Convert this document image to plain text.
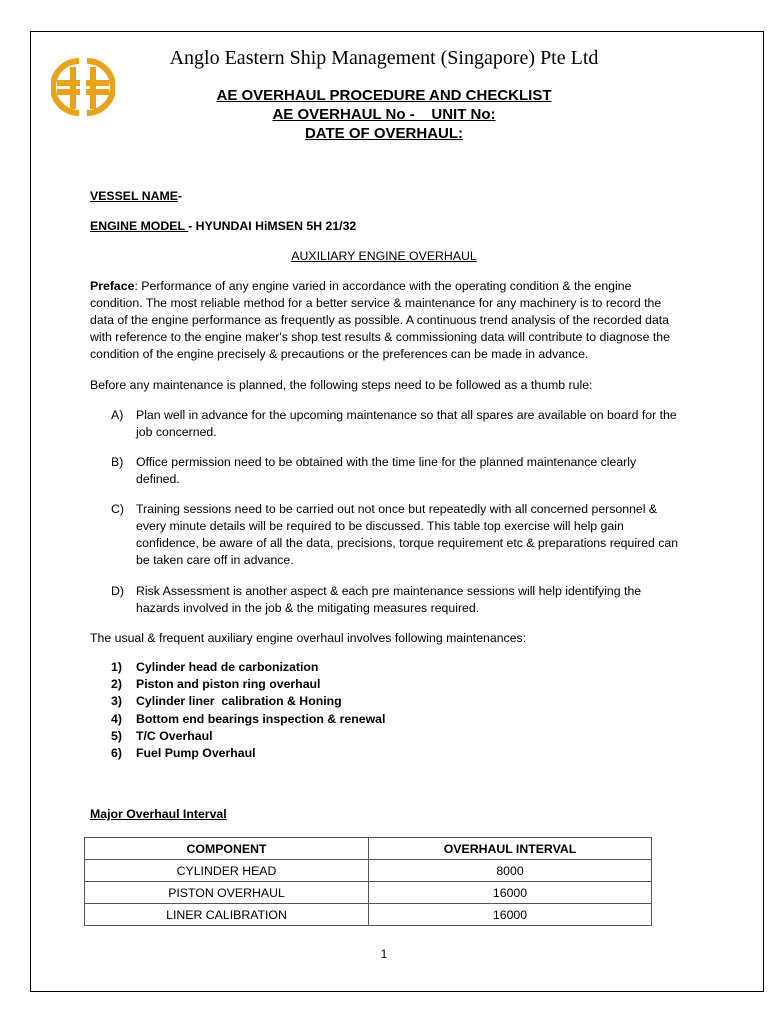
Anglo Eastern Ship Management (Singapore) Pte Ltd
AE OVERHAUL PROCEDURE AND CHECKLIST
AE OVERHAUL No -    UNIT No:
DATE OF OVERHAUL:
VESSEL NAME-
ENGINE MODEL - HYUNDAI HiMSEN 5H 21/32
AUXILIARY ENGINE OVERHAUL
Preface: Performance of any engine varied in accordance with the operating condition & the engine condition. The most reliable method for a better service & maintenance for any machinery is to record the data of the engine performance as frequently as possible. A continuous trend analysis of the recorded data with reference to the engine maker's shop test results & commissioning data will contribute to diagnose the condition of the engine precisely & precautions or the preferences can be made in advance.
Before any maintenance is planned, the following steps need to be followed as a thumb rule:
A) Plan well in advance for the upcoming maintenance so that all spares are available on board for the job concerned.
B) Office permission need to be obtained with the time line for the planned maintenance clearly defined.
C) Training sessions need to be carried out not once but repeatedly with all concerned personnel & every minute details will be required to be discussed. This table top exercise will help gain confidence, be aware of all the data, precisions, torque requirement etc & preparations required can be taken care off in advance.
D) Risk Assessment is another aspect & each pre maintenance sessions will help identifying the hazards involved in the job & the mitigating measures required.
The usual & frequent auxiliary engine overhaul involves following maintenances:
1) Cylinder head de carbonization
2) Piston and piston ring overhaul
3) Cylinder liner  calibration & Honing
4) Bottom end bearings inspection & renewal
5) T/C Overhaul
6) Fuel Pump Overhaul
Major Overhaul Interval
COMPONENT	OVERHAUL INTERVAL
CYLINDER HEAD	8000
PISTON OVERHAUL	16000
LINER CALIBRATION	16000
1
